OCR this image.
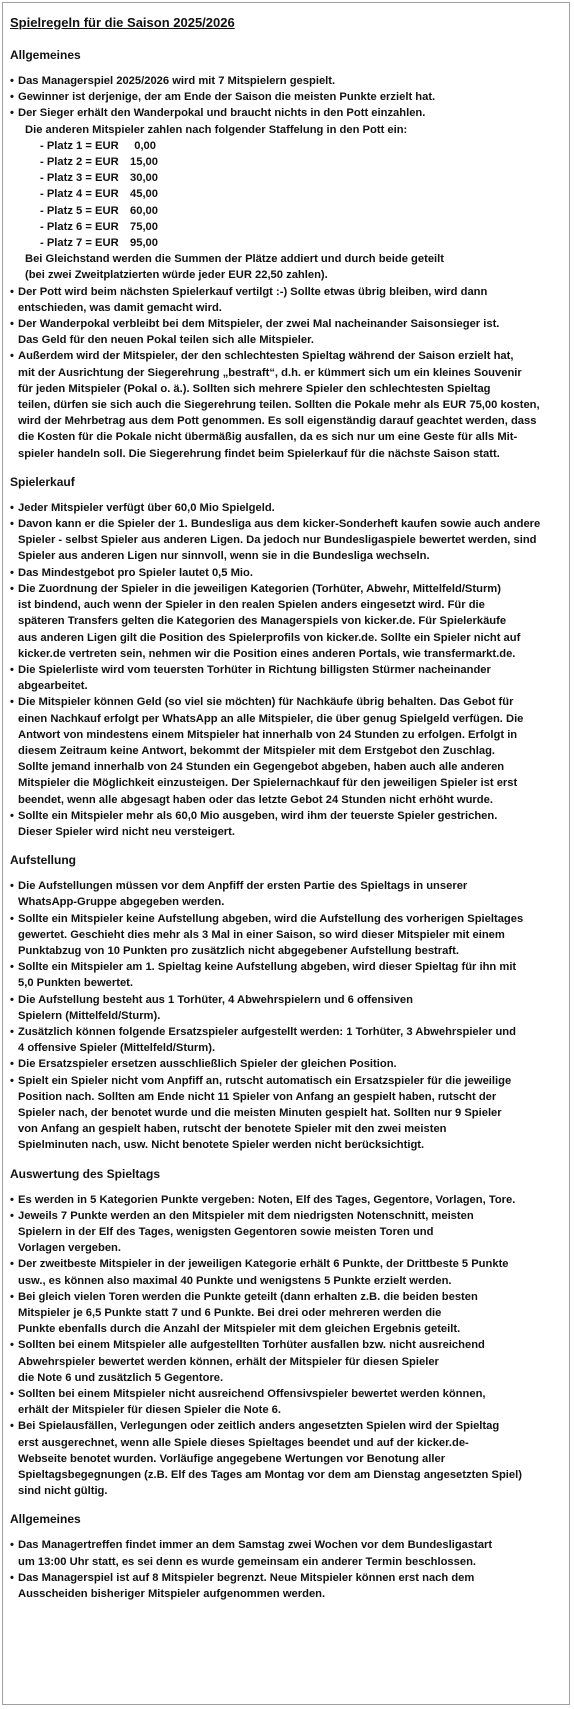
Spielregeln für die Saison 2025/2026
Allgemeines
• Das Managerspiel 2025/2026 wird mit 7 Mitspielern gespielt.
• Gewinner ist derjenige, der am Ende der Saison die meisten Punkte erzielt hat.
• Der Sieger erhält den Wanderpokal und braucht nichts in den Pott einzahlen.
Die anderen Mitspieler zahlen nach folgender Staffelung in den Pott ein:
- Platz 1 = EUR 0,00
- Platz 2 = EUR 15,00
- Platz 3 = EUR 30,00
- Platz 4 = EUR 45,00
- Platz 5 = EUR 60,00
- Platz 6 = EUR 75,00
- Platz 7 = EUR 95,00
Bei Gleichstand werden die Summen der Plätze addiert und durch beide geteilt
(bei zwei Zweitplatzierten würde jeder EUR 22,50 zahlen).
• Der Pott wird beim nächsten Spielerkauf vertilgt :-) Sollte etwas übrig bleiben, wird dann
entschieden, was damit gemacht wird.
• Der Wanderpokal verbleibt bei dem Mitspieler, der zwei Mal nacheinander Saisonsieger ist.
Das Geld für den neuen Pokal teilen sich alle Mitspieler.
• Außerdem wird der Mitspieler, der den schlechtesten Spieltag während der Saison erzielt hat,
mit der Ausrichtung der Siegerehrung „bestraft“, d.h. er kümmert sich um ein kleines Souvenir
für jeden Mitspieler (Pokal o. ä.). Sollten sich mehrere Spieler den schlechtesten Spieltag
teilen, dürfen sie sich auch die Siegerehrung teilen. Sollten die Pokale mehr als EUR 75,00 kosten,
wird der Mehrbetrag aus dem Pott genommen. Es soll eigenständig darauf geachtet werden, dass
die Kosten für die Pokale nicht übermäßig ausfallen, da es sich nur um eine Geste für alls Mit-
spieler handeln soll. Die Siegerehrung findet beim Spielerkauf für die nächste Saison statt.
Spielerkauf
• Jeder Mitspieler verfügt über 60,0 Mio Spielgeld.
• Davon kann er die Spieler der 1. Bundesliga aus dem kicker-Sonderheft kaufen sowie auch andere
Spieler - selbst Spieler aus anderen Ligen. Da jedoch nur Bundesligaspiele bewertet werden, sind
Spieler aus anderen Ligen nur sinnvoll, wenn sie in die Bundesliga wechseln.
• Das Mindestgebot pro Spieler lautet 0,5 Mio.
• Die Zuordnung der Spieler in die jeweiligen Kategorien (Torhüter, Abwehr, Mittelfeld/Sturm)
ist bindend, auch wenn der Spieler in den realen Spielen anders eingesetzt wird. Für die
späteren Transfers gelten die Kategorien des Managerspiels von kicker.de. Für Spielerkäufe
aus anderen Ligen gilt die Position des Spielerprofils von kicker.de. Sollte ein Spieler nicht auf
kicker.de vertreten sein, nehmen wir die Position eines anderen Portals, wie transfermarkt.de.
• Die Spielerliste wird vom teuersten Torhüter in Richtung billigsten Stürmer nacheinander
abgearbeitet.
• Die Mitspieler können Geld (so viel sie möchten) für Nachkäufe übrig behalten. Das Gebot für
einen Nachkauf erfolgt per WhatsApp an alle Mitspieler, die über genug Spielgeld verfügen. Die
Antwort von mindestens einem Mitspieler hat innerhalb von 24 Stunden zu erfolgen. Erfolgt in
diesem Zeitraum keine Antwort, bekommt der Mitspieler mit dem Erstgebot den Zuschlag.
Sollte jemand innerhalb von 24 Stunden ein Gegengebot abgeben, haben auch alle anderen
Mitspieler die Möglichkeit einzusteigen. Der Spielernachkauf für den jeweiligen Spieler ist erst
beendet, wenn alle abgesagt haben oder das letzte Gebot 24 Stunden nicht erhöht wurde.
• Sollte ein Mitspieler mehr als 60,0 Mio ausgeben, wird ihm der teuerste Spieler gestrichen.
Dieser Spieler wird nicht neu versteigert.
Aufstellung
• Die Aufstellungen müssen vor dem Anpfiff der ersten Partie des Spieltags in unserer
WhatsApp-Gruppe abgegeben werden.
• Sollte ein Mitspieler keine Aufstellung abgeben, wird die Aufstellung des vorherigen Spieltages
gewertet. Geschieht dies mehr als 3 Mal in einer Saison, so wird dieser Mitspieler mit einem
Punktabzug von 10 Punkten pro zusätzlich nicht abgegebener Aufstellung bestraft.
• Sollte ein Mitspieler am 1. Spieltag keine Aufstellung abgeben, wird dieser Spieltag für ihn mit
5,0 Punkten bewertet.
• Die Aufstellung besteht aus 1 Torhüter, 4 Abwehrspielern und 6 offensiven
Spielern (Mittelfeld/Sturm).
• Zusätzlich können folgende Ersatzspieler aufgestellt werden: 1 Torhüter, 3 Abwehrspieler und
4 offensive Spieler (Mittelfeld/Sturm).
• Die Ersatzspieler ersetzen ausschließlich Spieler der gleichen Position.
• Spielt ein Spieler nicht vom Anpfiff an, rutscht automatisch ein Ersatzspieler für die jeweilige
Position nach. Sollten am Ende nicht 11 Spieler von Anfang an gespielt haben, rutscht der
Spieler nach, der benotet wurde und die meisten Minuten gespielt hat. Sollten nur 9 Spieler
von Anfang an gespielt haben, rutscht der benotete Spieler mit den zwei meisten
Spielminuten nach, usw. Nicht benotete Spieler werden nicht berücksichtigt.
Auswertung des Spieltags
• Es werden in 5 Kategorien Punkte vergeben: Noten, Elf des Tages, Gegentore, Vorlagen, Tore.
• Jeweils 7 Punkte werden an den Mitspieler mit dem niedrigsten Notenschnitt, meisten
Spielern in der Elf des Tages, wenigsten Gegentoren sowie meisten Toren und
Vorlagen vergeben.
• Der zweitbeste Mitspieler in der jeweiligen Kategorie erhält 6 Punkte, der Drittbeste 5 Punkte
usw., es können also maximal 40 Punkte und wenigstens 5 Punkte erzielt werden.
• Bei gleich vielen Toren werden die Punkte geteilt (dann erhalten z.B. die beiden besten
Mitspieler je 6,5 Punkte statt 7 und 6 Punkte. Bei drei oder mehreren werden die
Punkte ebenfalls durch die Anzahl der Mitspieler mit dem gleichen Ergebnis geteilt.
• Sollten bei einem Mitspieler alle aufgestellten Torhüter ausfallen bzw. nicht ausreichend
Abwehrspieler bewertet werden können, erhält der Mitspieler für diesen Spieler
die Note 6 und zusätzlich 5 Gegentore.
• Sollten bei einem Mitspieler nicht ausreichend Offensivspieler bewertet werden können,
erhält der Mitspieler für diesen Spieler die Note 6.
• Bei Spielausfällen, Verlegungen oder zeitlich anders angesetzten Spielen wird der Spieltag
erst ausgerechnet, wenn alle Spiele dieses Spieltages beendet und auf der kicker.de-
Webseite benotet wurden. Vorläufige angegebene Wertungen vor Benotung aller
Spieltagsbegegnungen (z.B. Elf des Tages am Montag vor dem am Dienstag angesetzten Spiel)
sind nicht gültig.
Allgemeines
• Das Managertreffen findet immer an dem Samstag zwei Wochen vor dem Bundesligastart
um 13:00 Uhr statt, es sei denn es wurde gemeinsam ein anderer Termin beschlossen.
• Das Managerspiel ist auf 8 Mitspieler begrenzt. Neue Mitspieler können erst nach dem
Ausscheiden bisheriger Mitspieler aufgenommen werden.
